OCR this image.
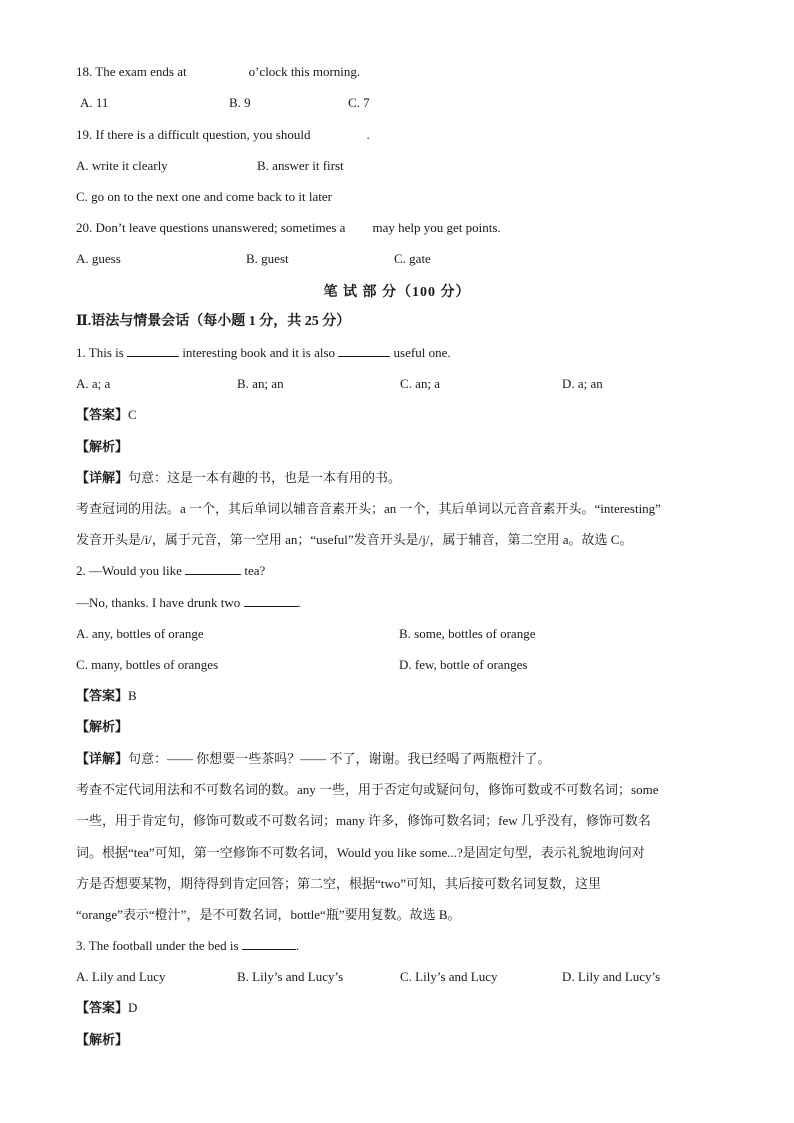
18. The exam ends at	o’clock this morning.
A. 11	B. 9	C. 7
19. If there is a difficult question, you should	.
A. write it clearly	B. answer it first
C. go on to the next one and come back to it later
20. Don’t leave questions unanswered; sometimes a may help you get points.
A. guess	B. guest	C. gate
笔 试 部 分（100 分）
Ⅱ.语法与情景会话（每小题 1 分，共 25 分）
1. This is	interesting book and it is also	useful one.
A. a; a	B. an; an	C. an; a	D. a; an
【答案】C
【解析】
【详解】句意：这是一本有趣的书，也是一本有用的书。
考查冠词的用法。a 一个，其后单词以辅音音素开头；an 一个，其后单词以元音音素开头。“interesting”
发音开头是/i/，属于元音，第一空用 an；“useful”发音开头是/j/，属于辅音，第二空用 a。故选 C。
2. —Would you like	tea?
—No, thanks. I have drunk two	.
A. any, bottles of orange	B. some, bottles of orange
C. many, bottles of oranges	D. few, bottle of oranges
【答案】B
【解析】
【详解】句意：—— 你想要一些茶吗？—— 不了，谢谢。我已经喝了两瓶橙汁了。
考查不定代词用法和不可数名词的数。any 一些，用于否定句或疑问句，修饰可数或不可数名词；some
一些，用于肯定句，修饰可数或不可数名词；many 许多，修饰可数名词；few 几乎没有，修饰可数名
词。根据“tea”可知，第一空修饰不可数名词，Would you like some...?是固定句型，表示礼貌地询问对
方是否想要某物，期待得到肯定回答；第二空，根据“two”可知，其后接可数名词复数，这里
“orange”表示“橙汁”，是不可数名词，bottle“瓶”要用复数。故选 B。
3. The football under the bed is	.
A. Lily and Lucy	B. Lily’s and Lucy’s	C. Lily’s and Lucy	D. Lily and Lucy’s
【答案】D
【解析】
